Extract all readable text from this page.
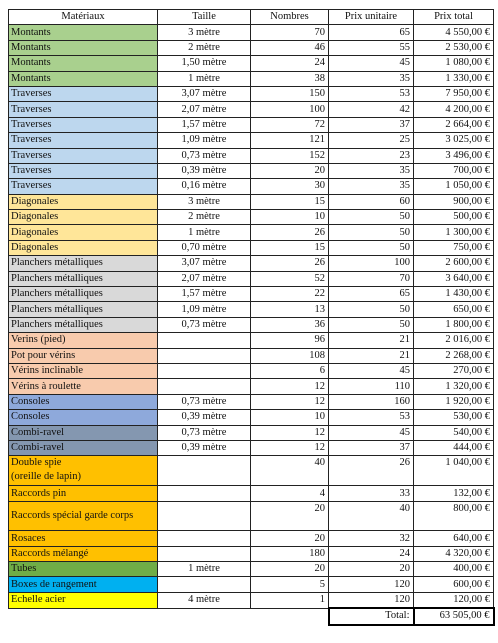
Matériaux	Taille	Nombres	Prix unitaire	Prix total
Montants	3 mètre	70	65	4 550,00 €
Montants	2 mètre	46	55	2 530,00 €
Montants	1,50 mètre	24	45	1 080,00 €
Montants	1 mètre	38	35	1 330,00 €
Traverses	3,07 mètre	150	53	7 950,00 €
Traverses	2,07 mètre	100	42	4 200,00 €
Traverses	1,57 mètre	72	37	2 664,00 €
Traverses	1,09 mètre	121	25	3 025,00 €
Traverses	0,73 mètre	152	23	3 496,00 €
Traverses	0,39 mètre	20	35	700,00 €
Traverses	0,16 mètre	30	35	1 050,00 €
Diagonales	3 mètre	15	60	900,00 €
Diagonales	2 mètre	10	50	500,00 €
Diagonales	1 mètre	26	50	1 300,00 €
Diagonales	0,70 mètre	15	50	750,00 €
Planchers métalliques	3,07 mètre	26	100	2 600,00 €
Planchers métalliques	2,07 mètre	52	70	3 640,00 €
Planchers métalliques	1,57 mètre	22	65	1 430,00 €
Planchers métalliques	1,09 mètre	13	50	650,00 €
Planchers métalliques	0,73 mètre	36	50	1 800,00 €
Verins (pied)		96	21	2 016,00 €
Pot pour vérins		108	21	2 268,00 €
Vérins inclinable		6	45	270,00 €
Vérins à roulette		12	110	1 320,00 €
Consoles	0,73 mètre	12	160	1 920,00 €
Consoles	0,39 mètre	10	53	530,00 €
Combi-ravel	0,73 mètre	12	45	540,00 €
Combi-ravel	0,39 mètre	12	37	444,00 €
Double spie
(oreille de lapin)		40	26	1 040,00 €
Raccords pin		4	33	132,00 €
Raccords spécial garde corps		20	40	800,00 €
Rosaces		20	32	640,00 €
Raccords mélangé		180	24	4 320,00 €
Tubes	1 mètre	20	20	400,00 €
Boxes de rangement		5	120	600,00 €
Echelle acier	4 mètre	1	120	120,00 €
			Total:	63 505,00 €
